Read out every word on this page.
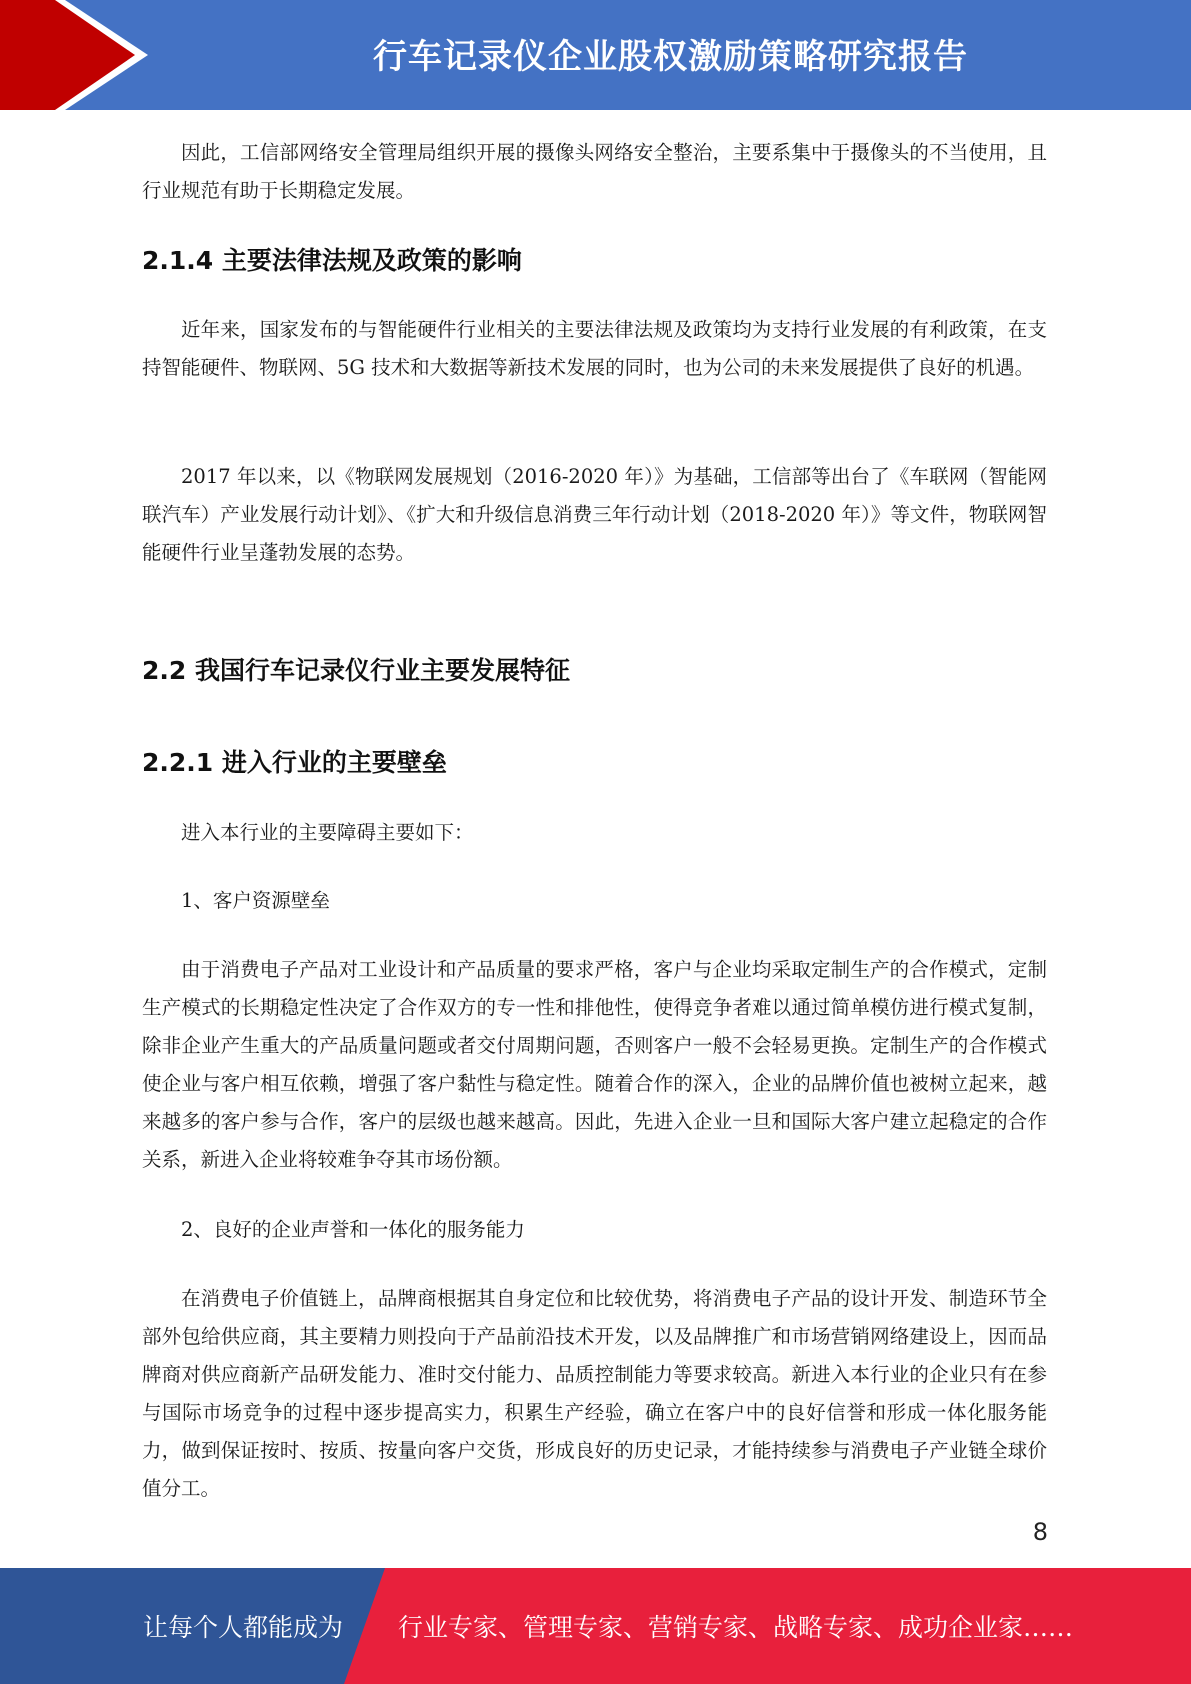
行车记录仪企业股权激励策略研究报告

因此，工信部网络安全管理局组织开展的摄像头网络安全整治，主要系集中于摄像头的不当使用，且行业规范有助于长期稳定发展。

2.1.4 主要法律法规及政策的影响

近年来，国家发布的与智能硬件行业相关的主要法律法规及政策均为支持行业发展的有利政策，在支持智能硬件、物联网、5G 技术和大数据等新技术发展的同时，也为公司的未来发展提供了良好的机遇。

2017 年以来，以《物联网发展规划（2016-2020 年）》为基础，工信部等出台了《车联网（智能网联汽车）产业发展行动计划》、《扩大和升级信息消费三年行动计划（2018-2020 年）》等文件，物联网智能硬件行业呈蓬勃发展的态势。

2.2 我国行车记录仪行业主要发展特征
2.2.1 进入行业的主要壁垒

进入本行业的主要障碍主要如下：

1、客户资源壁垒

由于消费电子产品对工业设计和产品质量的要求严格，客户与企业均采取定制生产的合作模式，定制生产模式的长期稳定性决定了合作双方的专一性和排他性，使得竞争者难以通过简单模仿进行模式复制，除非企业产生重大的产品质量问题或者交付周期问题，否则客户一般不会轻易更换。定制生产的合作模式使企业与客户相互依赖，增强了客户黏性与稳定性。随着合作的深入，企业的品牌价值也被树立起来，越来越多的客户参与合作，客户的层级也越来越高。因此，先进入企业一旦和国际大客户建立起稳定的合作关系，新进入企业将较难争夺其市场份额。

2、良好的企业声誉和一体化的服务能力

在消费电子价值链上，品牌商根据其自身定位和比较优势，将消费电子产品的设计开发、制造环节全部外包给供应商，其主要精力则投向于产品前沿技术开发，以及品牌推广和市场营销网络建设上，因而品牌商对供应商新产品研发能力、准时交付能力、品质控制能力等要求较高。新进入本行业的企业只有在参与国际市场竞争的过程中逐步提高实力，积累生产经验，确立在客户中的良好信誉和形成一体化服务能力，做到保证按时、按质、按量向客户交货，形成良好的历史记录，才能持续参与消费电子产业链全球价值分工。

8
让每个人都能成为 行业专家、管理专家、营销专家、战略专家、成功企业家……
